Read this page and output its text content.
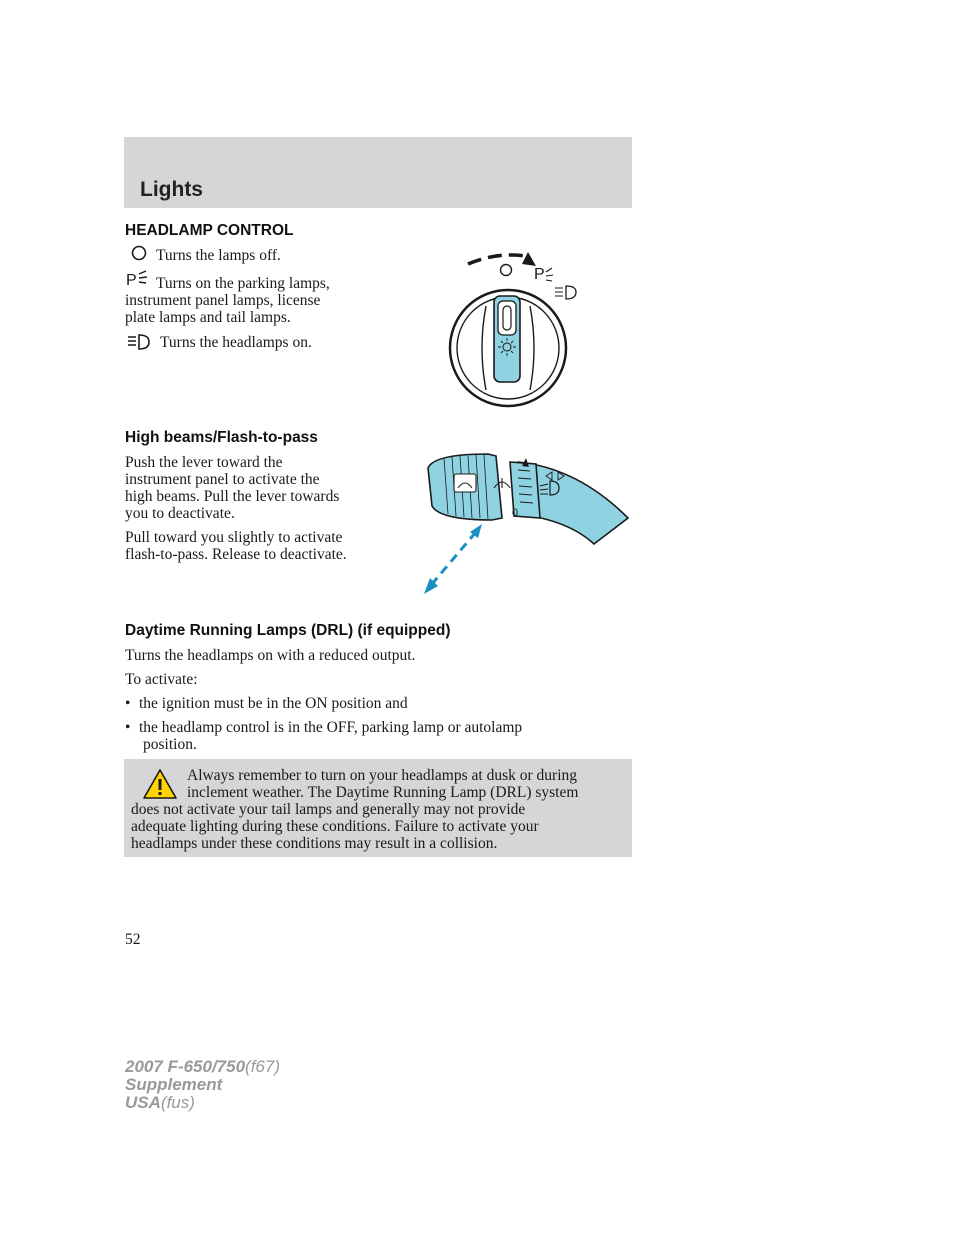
Lights
HEADLAMP CONTROL
Turns the lamps off.
P Turns on the parking lamps,
instrument panel lamps, license
plate lamps and tail lamps.
Turns the headlamps on.
P
High beams/Flash-to-pass
Push the lever toward the
instrument panel to activate the
high beams. Pull the lever towards
you to deactivate.
Pull toward you slightly to activate
flash-to-pass. Release to deactivate.
0
Daytime Running Lamps (DRL) (if equipped)
Turns the headlamps on with a reduced output.
To activate:
• the ignition must be in the ON position and
• the headlamp control is in the OFF, parking lamp or autolamp
position.
Always remember to turn on your headlamps at dusk or during
inclement weather. The Daytime Running Lamp (DRL) system
does not activate your tail lamps and generally may not provide
adequate lighting during these conditions. Failure to activate your
headlamps under these conditions may result in a collision.
52
2007 F-650/750(f67)
Supplement
USA(fus)
